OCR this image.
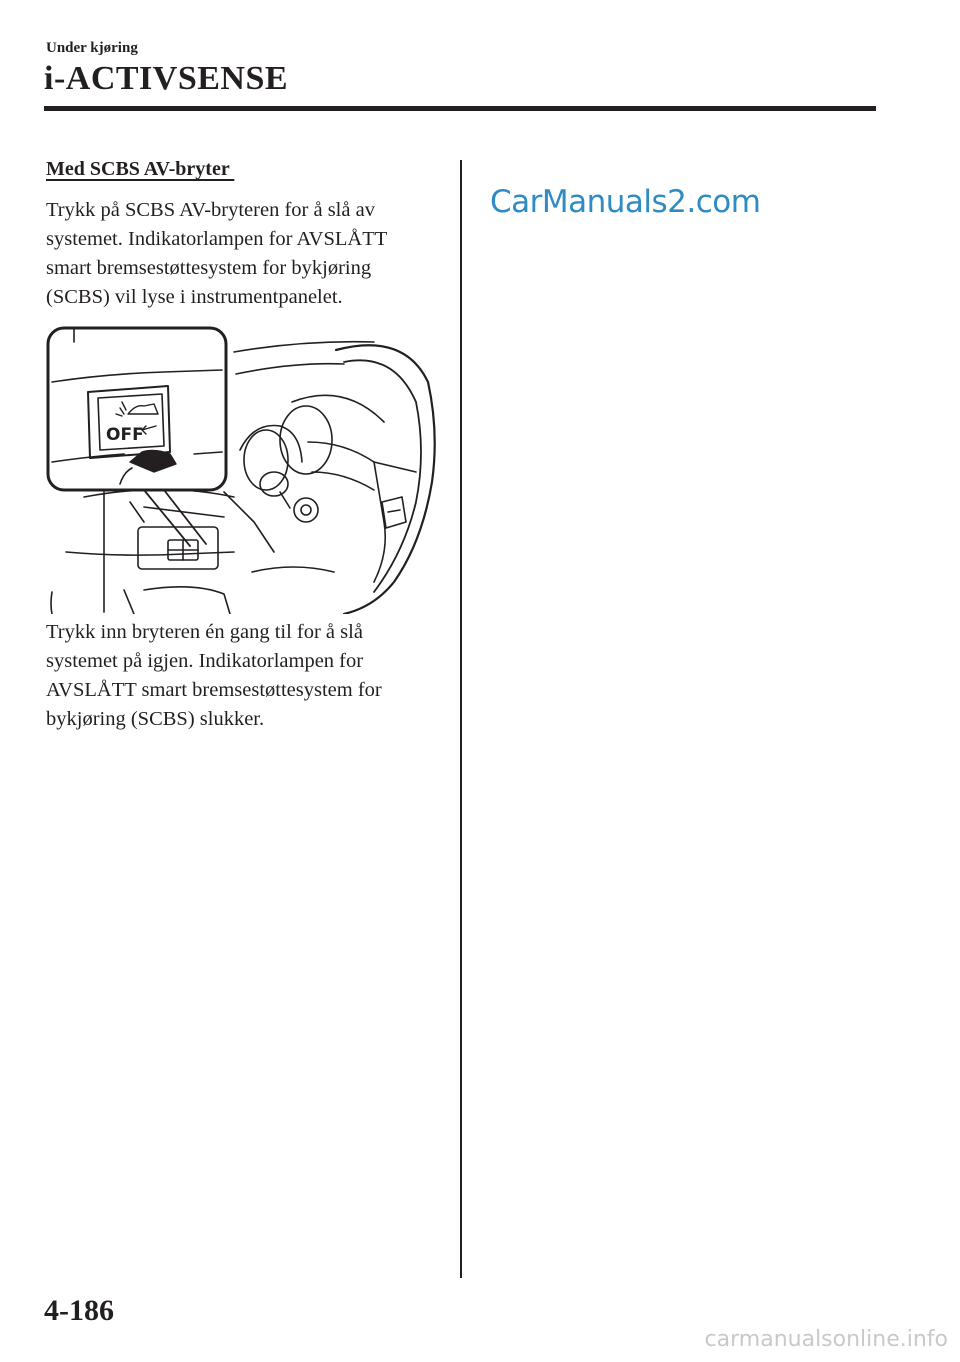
Under kjøring
i-ACTIVSENSE
Med SCBS AV-bryter
Trykk på SCBS AV-bryteren for å slå av
systemet. Indikatorlampen for AVSLÅTT
smart bremsestøttesystem for bykjøring
(SCBS) vil lyse i instrumentpanelet.
OFF
Trykk inn bryteren én gang til for å slå
systemet på igjen. Indikatorlampen for
AVSLÅTT smart bremsestøttesystem for
bykjøring (SCBS) slukker.
CarManuals2.com
4-186
carmanualsonline.info
